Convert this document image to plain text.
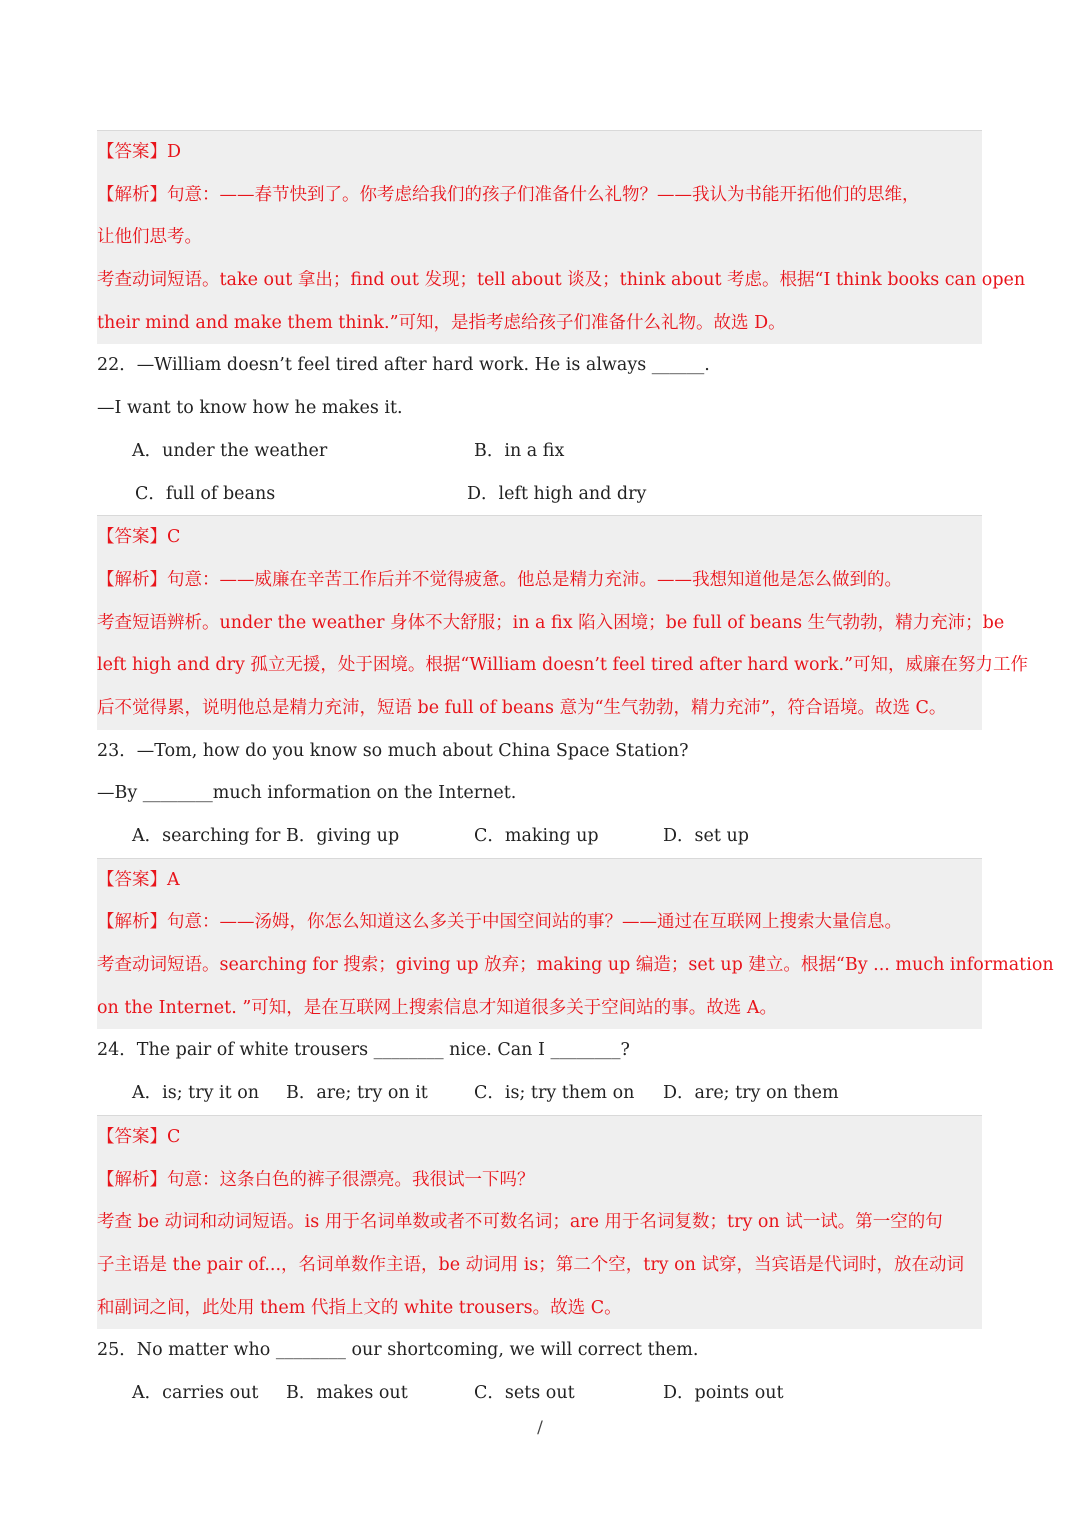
【答案】D
【解析】句意：——春节快到了。你考虑给我们的孩子们准备什么礼物？——我认为书能开拓他们的思维，
让他们思考。
考查动词短语。take out 拿出；find out 发现；tell about 谈及；think about 考虑。根据“I think books can open
their mind and make them think.”可知，是指考虑给孩子们准备什么礼物。故选 D。
22．—William doesn’t feel tired after hard work. He is always ______.
—I want to know how he makes it.
A．under the weather	B．in a fix
C．full of beans	D．left high and dry
【答案】C
【解析】句意：——威廉在辛苦工作后并不觉得疲惫。他总是精力充沛。——我想知道他是怎么做到的。
考查短语辨析。under the weather 身体不大舒服；in a fix 陷入困境；be full of beans 生气勃勃，精力充沛；be
left high and dry 孤立无援，处于困境。根据“William doesn’t feel tired after hard work.”可知，威廉在努力工作
后不觉得累，说明他总是精力充沛，短语 be full of beans 意为“生气勃勃，精力充沛”，符合语境。故选 C。
23．—Tom, how do you know so much about China Space Station?
—By ________much information on the Internet.
A．searching for B．giving up	C．making up	D．set up
【答案】A
【解析】句意：——汤姆，你怎么知道这么多关于中国空间站的事？——通过在互联网上搜索大量信息。
考查动词短语。searching for 搜索；giving up 放弃；making up 编造；set up 建立。根据“By ... much information
on the Internet. ”可知，是在互联网上搜索信息才知道很多关于空间站的事。故选 A。
24．The pair of white trousers ________ nice. Can I ________?
A．is; try it on B．are; try on it	C．is; try them on D．are; try on them
【答案】C
【解析】句意：这条白色的裤子很漂亮。我很试一下吗？
考查 be 动词和动词短语。is 用于名词单数或者不可数名词；are 用于名词复数；try on 试一试。第一空的句
子主语是 the pair of...，名词单数作主语，be 动词用 is；第二个空，try on 试穿，当宾语是代词时，放在动词
和副词之间，此处用 them 代指上文的 white trousers。故选 C。
25．No matter who ________ our shortcoming, we will correct them.
A．carries out B．makes out	C．sets out	D．points out
/
